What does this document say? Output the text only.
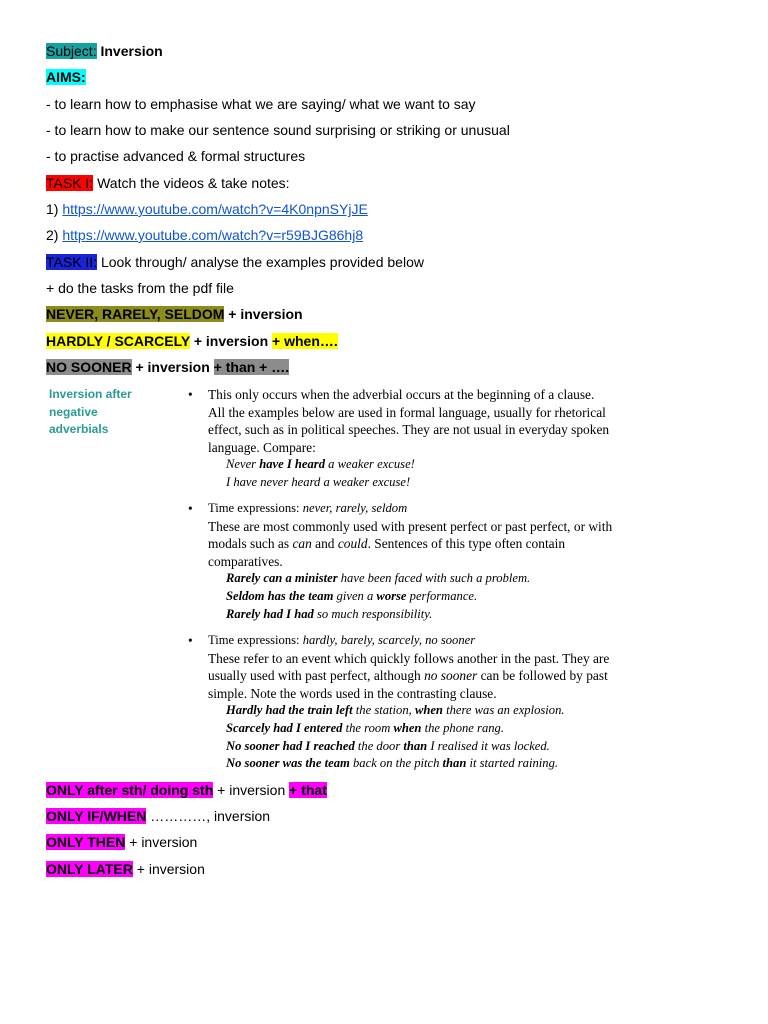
Subject: Inversion
AIMS:
- to learn how to emphasise what we are saying/ what we want to say
- to learn how to make our sentence sound surprising or striking or unusual
- to practise advanced & formal structures
TASK I: Watch the videos & take notes:
1) https://www.youtube.com/watch?v=4K0npnSYjJE
2) https://www.youtube.com/watch?v=r59BJG86hj8
TASK II: Look through/ analyse the examples provided below
+ do the tasks from the pdf file
NEVER, RARELY, SELDOM + inversion
HARDLY / SCARCELY + inversion + when….
NO SOONER + inversion + than + ….
Inversion after negative adverbials
• This only occurs when the adverbial occurs at the beginning of a clause.
All the examples below are used in formal language, usually for rhetorical
effect, such as in political speeches. They are not usual in everyday spoken
language. Compare:
Never have I heard a weaker excuse!
I have never heard a weaker excuse!
• Time expressions: never, rarely, seldom
These are most commonly used with present perfect or past perfect, or with
modals such as can and could. Sentences of this type often contain
comparatives.
Rarely can a minister have been faced with such a problem.
Seldom has the team given a worse performance.
Rarely had I had so much responsibility.
• Time expressions: hardly, barely, scarcely, no sooner
These refer to an event which quickly follows another in the past. They are
usually used with past perfect, although no sooner can be followed by past
simple. Note the words used in the contrasting clause.
Hardly had the train left the station, when there was an explosion.
Scarcely had I entered the room when the phone rang.
No sooner had I reached the door than I realised it was locked.
No sooner was the team back on the pitch than it started raining.
ONLY after sth/ doing sth + inversion + that
ONLY IF/WHEN …………, inversion
ONLY THEN + inversion
ONLY LATER + inversion
